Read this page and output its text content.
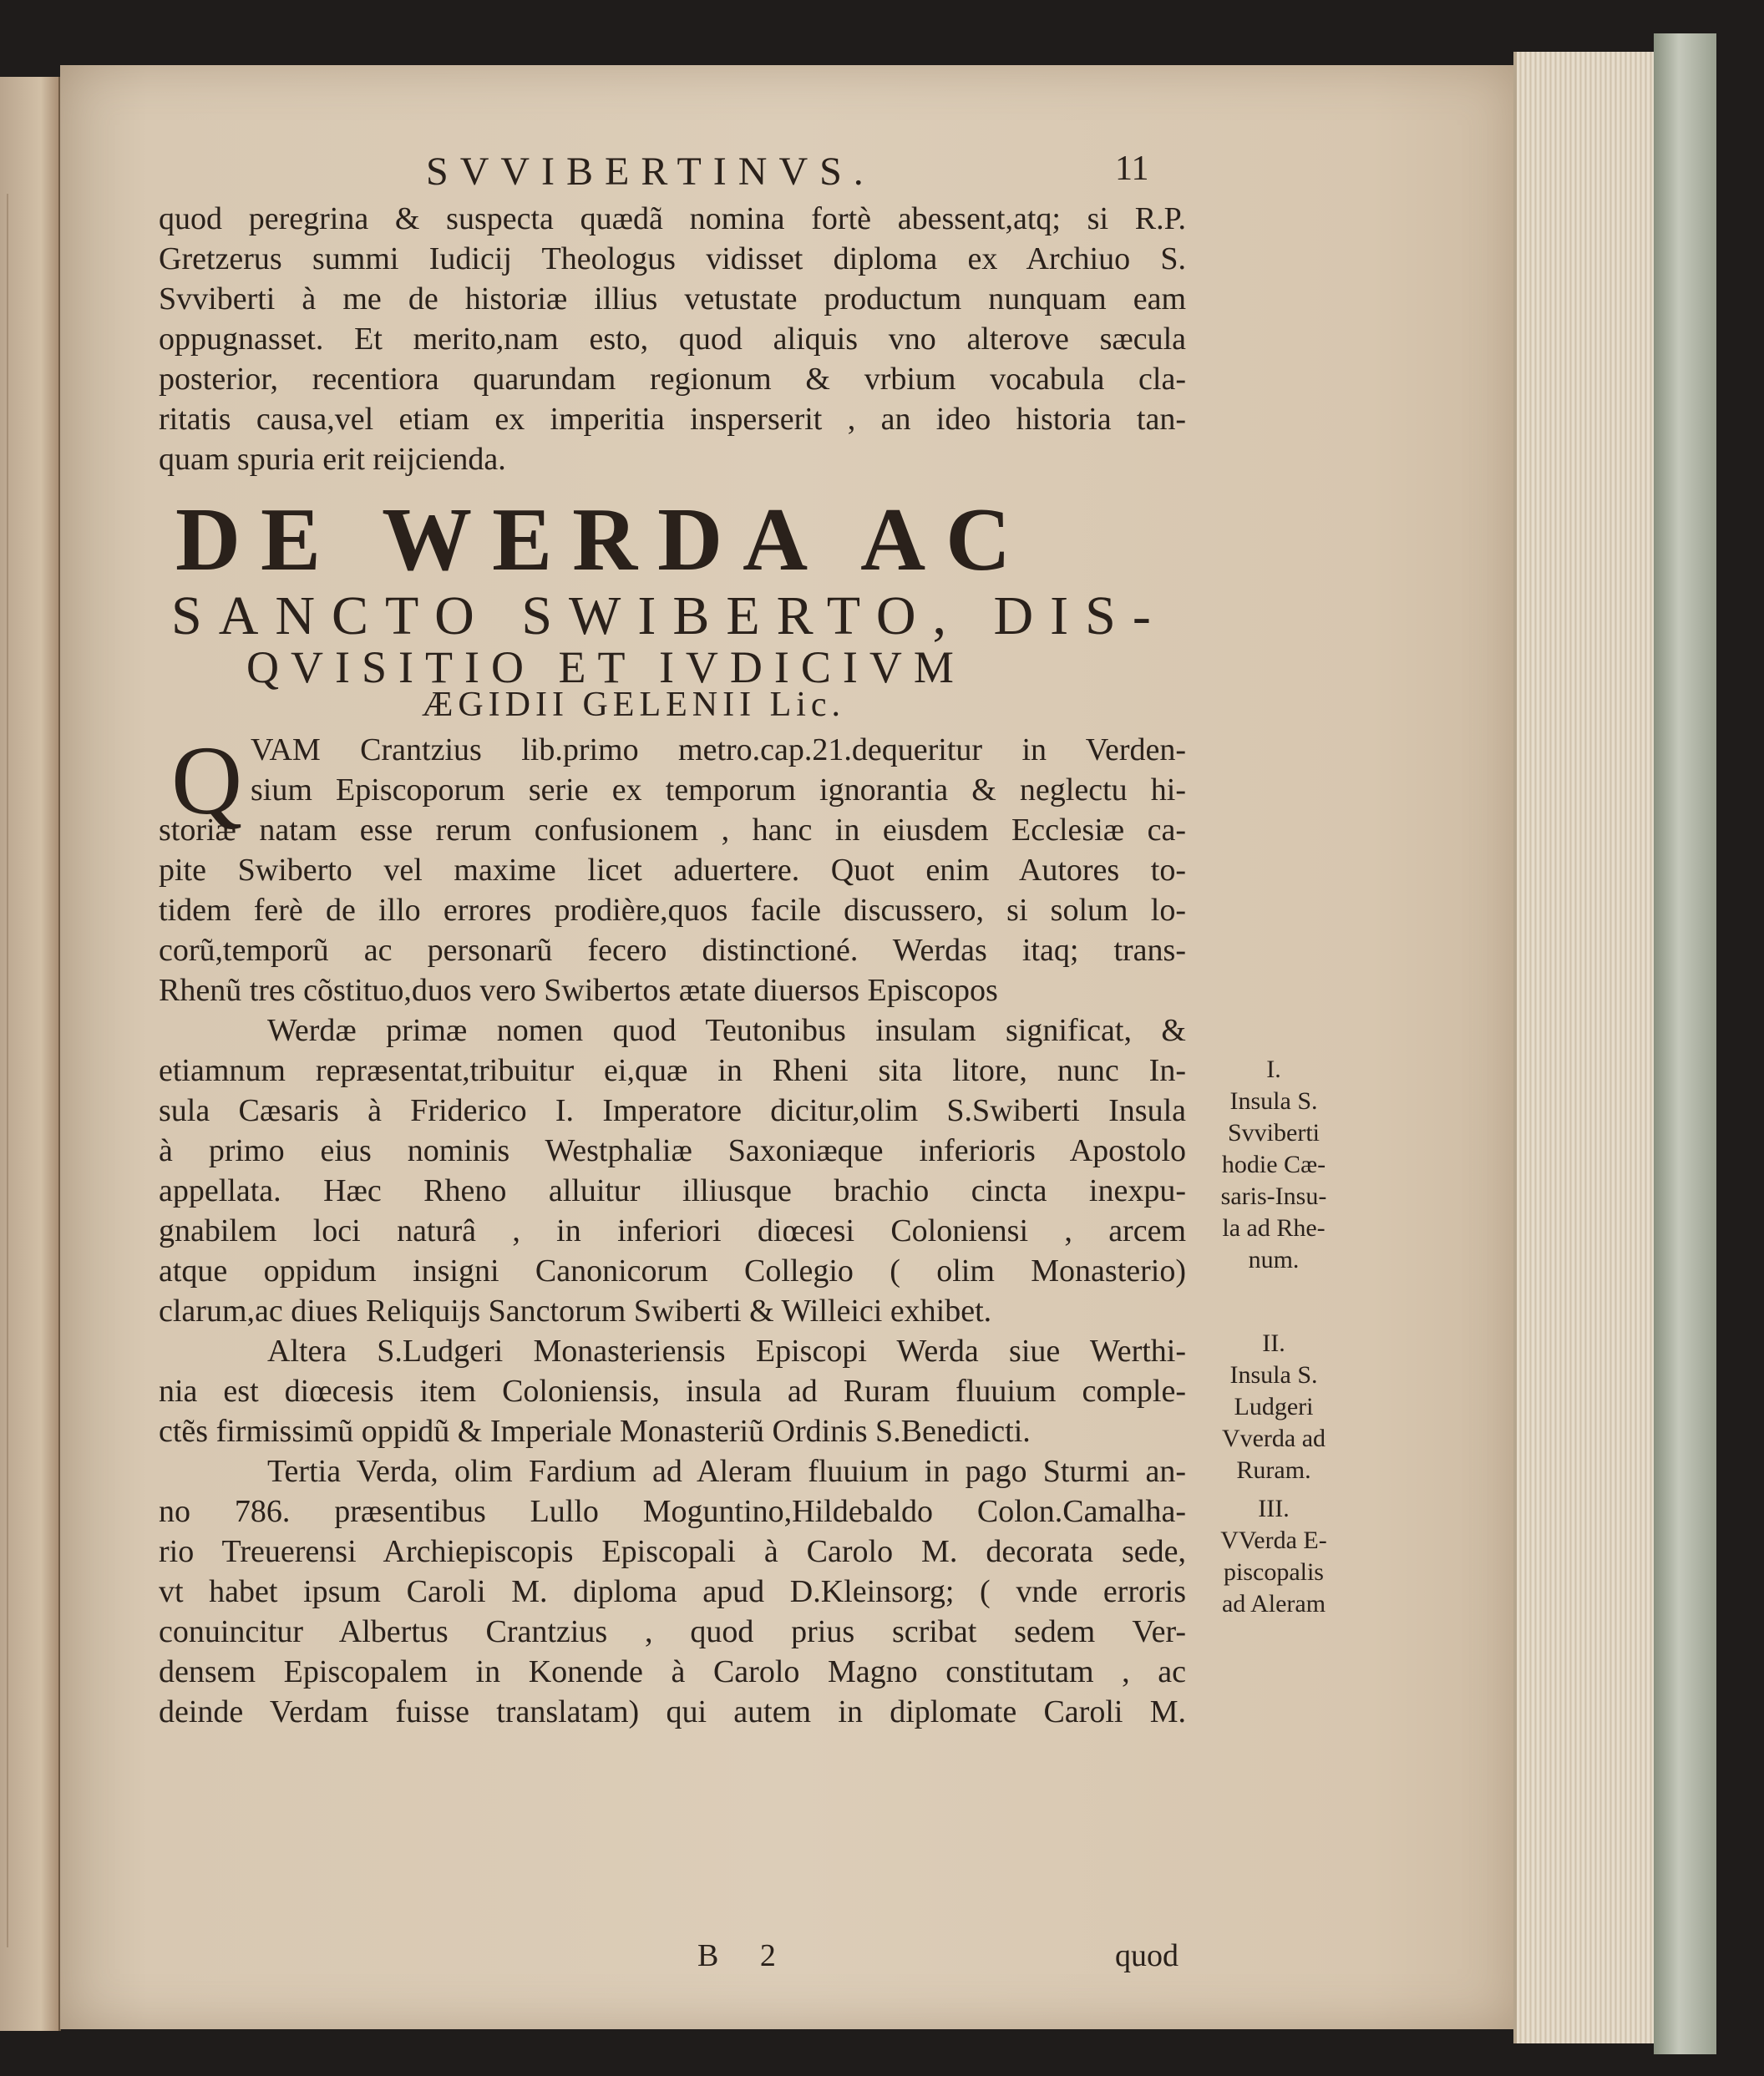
SVVIBERTINVS.	11
quod peregrina & suspecta quædã nomina fortè abessent,atq; si R.P.
Gretzerus summi Iudicij Theologus vidisset diploma ex Archiuo S.
Svviberti à me de historiæ illius vetustate productum nunquam eam
oppugnasset. Et merito,nam esto, quod aliquis vno alterove sæcula
posterior, recentiora quarundam regionum & vrbium vocabula cla-
ritatis causa,vel etiam ex imperitia insperserit , an ideo historia tan-
quam spuria erit reijcienda.
DE WERDA AC
SANCTO SWIBERTO, DIS-
QVISITIO ET IVDICIVM
ÆGIDII GELENII Lic.
Q VAM Crantzius lib.primo metro.cap.21.dequeritur in Verden-
sium Episcoporum serie ex temporum ignorantia & neglectu hi-
storiæ natam esse rerum confusionem , hanc in eiusdem Ecclesiæ ca-
pite Swiberto vel maxime licet aduertere. Quot enim Autores to-
tidem ferè de illo errores prodière,quos facile discussero, si solum lo-
corũ,temporũ ac personarũ fecero distinctioné. Werdas itaq; trans-
Rhenũ tres cõstituo,duos vero Swibertos ætate diuersos Episcopos
Werdæ primæ nomen quod Teutonibus insulam significat, &
etiamnum repræsentat,tribuitur ei,quæ in Rheni sita litore, nunc In-
sula Cæsaris à Friderico I. Imperatore dicitur,olim S.Swiberti Insula
à primo eius nominis Westphaliæ Saxoniæque inferioris Apostolo
appellata. Hæc Rheno alluitur illiusque brachio cincta inexpu-
gnabilem loci naturâ , in inferiori diœcesi Coloniensi , arcem
atque oppidum insigni Canonicorum Collegio ( olim Monasterio)
clarum,ac diues Reliquijs Sanctorum Swiberti & Willeici exhibet.
Altera S.Ludgeri Monasteriensis Episcopi Werda siue Werthi-
nia est diœcesis item Coloniensis, insula ad Ruram fluuium comple-
ctẽs firmissimũ oppidũ & Imperiale Monasteriũ Ordinis S.Benedicti.
Tertia Verda, olim Fardium ad Aleram fluuium in pago Sturmi an-
no 786. præsentibus Lullo Moguntino,Hildebaldo Colon.Camalha-
rio Treuerensi Archiepiscopis Episcopali à Carolo M. decorata sede,
vt habet ipsum Caroli M. diploma apud D.Kleinsorg; ( vnde erroris
conuincitur Albertus Crantzius , quod prius scribat sedem Ver-
densem Episcopalem in Konende à Carolo Magno constitutam , ac
deinde Verdam fuisse translatam) qui autem in diplomate Caroli M.
I.
Insula S.
Svviberti
hodie Cæ-
saris-Insu-
la ad Rhe-
num.
II.
Insula S.
Ludgeri
Vverda ad
Ruram.
III.
VVerda E-
piscopalis
ad Aleram
B 2	quod
